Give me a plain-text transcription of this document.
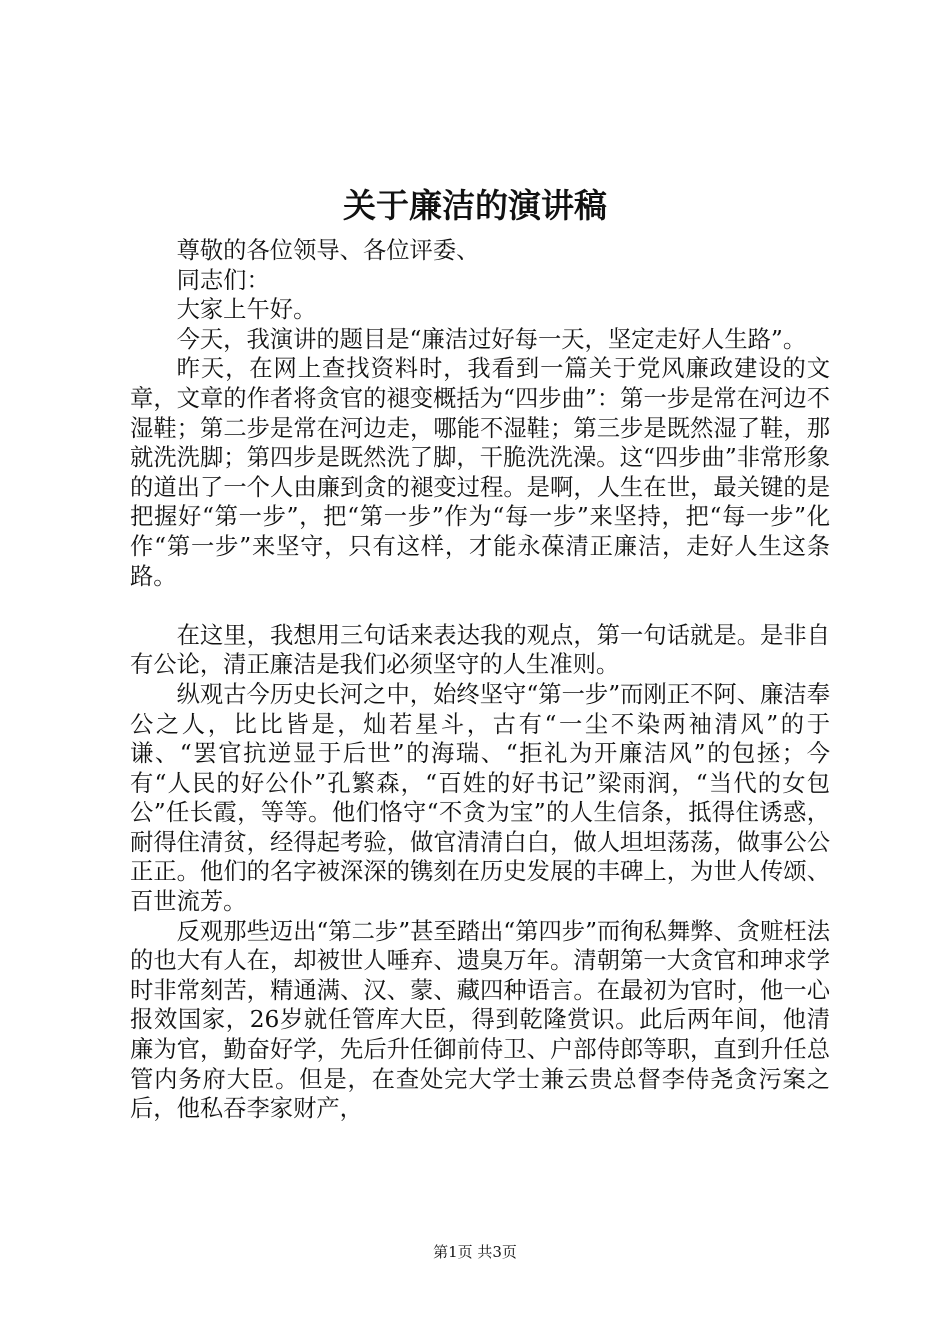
关于廉洁的演讲稿

尊敬的各位领导、各位评委、

同志们：

大家上午好。

今天，我演讲的题目是“廉洁过好每一天，坚定走好人生路”。

昨天，在网上查找资料时，我看到一篇关于党风廉政建设的文章，文章的作者将贪官的褪变概括为“四步曲”：第一步是常在河边不湿鞋；第二步是常在河边走，哪能不湿鞋；第三步是既然湿了鞋，那就洗洗脚；第四步是既然洗了脚，干脆洗洗澡。这“四步曲”非常形象的道出了一个人由廉到贪的褪变过程。是啊，人生在世，最关键的是把握好“第一步”，把“第一步”作为“每一步”来坚持，把“每一步”化作“第一步”来坚守，只有这样，才能永葆清正廉洁，走好人生这条路。

在这里，我想用三句话来表达我的观点，第一句话就是。是非自有公论，清正廉洁是我们必须坚守的人生准则。

纵观古今历史长河之中，始终坚守“第一步”而刚正不阿、廉洁奉公之人，比比皆是，灿若星斗，古有“一尘不染两袖清风”的于谦、“罢官抗逆显于后世”的海瑞、“拒礼为开廉洁风”的包拯；今有“人民的好公仆”孔繁森，“百姓的好书记”梁雨润，“当代的女包公”任长霞，等等。他们恪守“不贪为宝”的人生信条，抵得住诱惑，耐得住清贫，经得起考验，做官清清白白，做人坦坦荡荡，做事公公正正。他们的名字被深深的镌刻在历史发展的丰碑上，为世人传颂、百世流芳。

反观那些迈出“第二步”甚至踏出“第四步”而徇私舞弊、贪赃枉法的也大有人在，却被世人唾弃、遗臭万年。清朝第一大贪官和珅求学时非常刻苦，精通满、汉、蒙、藏四种语言。在最初为官时，他一心报效国家，26岁就任管库大臣，得到乾隆赏识。此后两年间，他清廉为官，勤奋好学，先后升任御前侍卫、户部侍郎等职，直到升任总管内务府大臣。但是，在查处完大学士兼云贵总督李侍尧贪污案之后，他私吞李家财产，

第1页 共3页
